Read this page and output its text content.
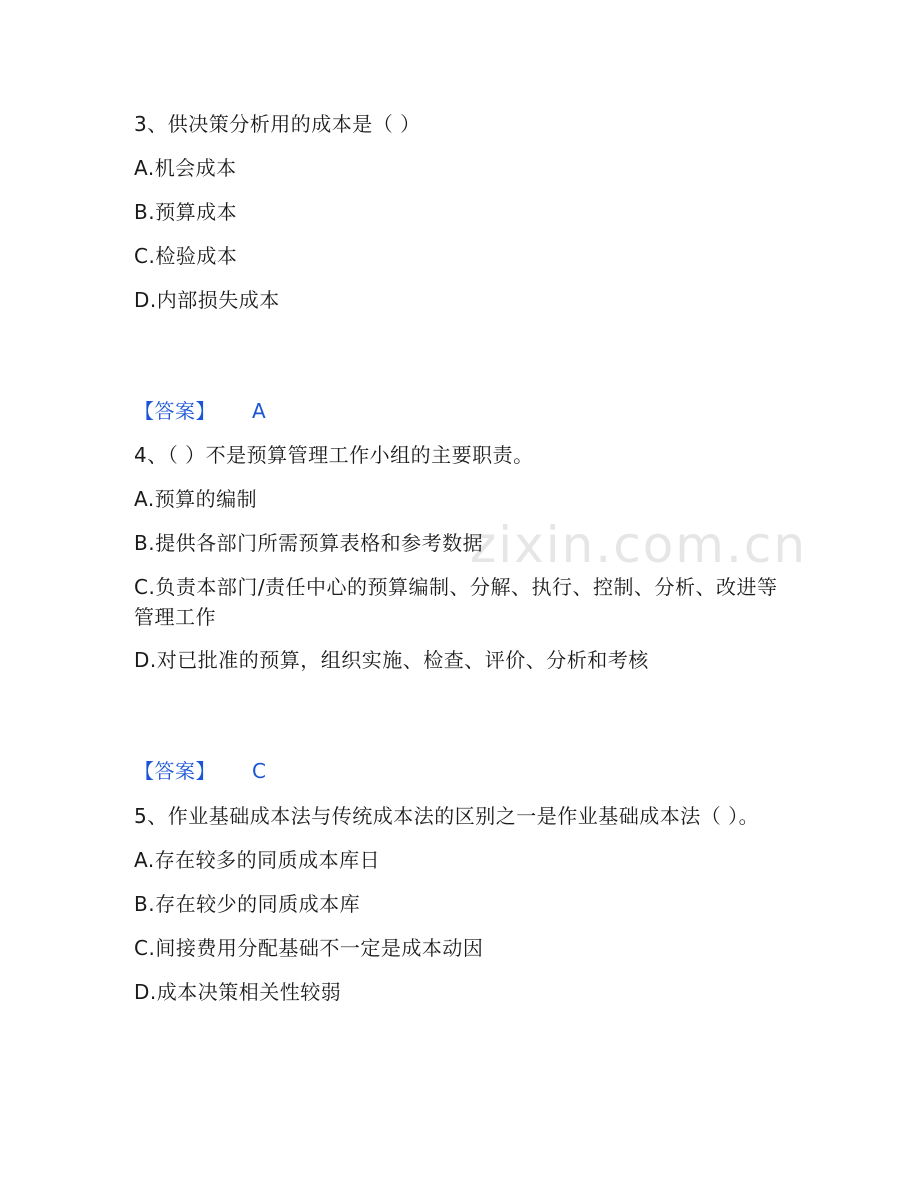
zixin.com.cn
3、供决策分析用的成本是（ ）
A.机会成本
B.预算成本
C.检验成本
D.内部损失成本
【答案】 A
4、（ ）不是预算管理工作小组的主要职责。
A.预算的编制
B.提供各部门所需预算表格和参考数据
C.负责本部门/责任中心的预算编制、分解、执行、控制、分析、改进等管理工作
D.对已批准的预算，组织实施、检查、评价、分析和考核
【答案】 C
5、作业基础成本法与传统成本法的区别之一是作业基础成本法（ ）。
A.存在较多的同质成本库日
B.存在较少的同质成本库
C.间接费用分配基础不一定是成本动因
D.成本决策相关性较弱
